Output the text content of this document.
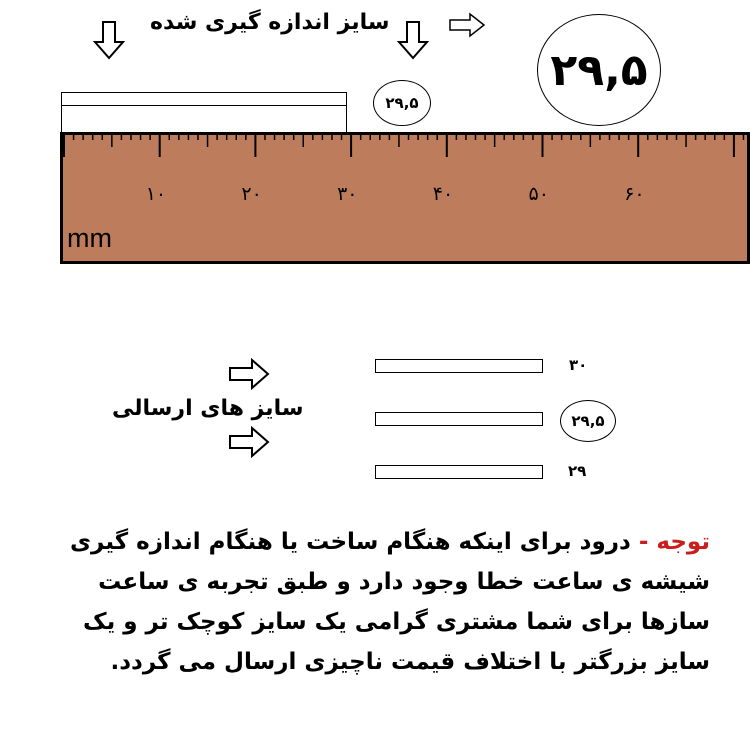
سایز اندازه گیری شده
۲۹,۵
۲۹,۵
mm
۱۰	۲۰	۳۰	۴۰	۵۰	۶۰
سایز های ارسالی
۳۰
۲۹,۵
۲۹
توجه - درود برای اینکه هنگام ساخت یا هنگام اندازه گیری شیشه ی ساعت خطا وجود دارد و طبق تجربه ی ساعت سازها برای شما مشتری گرامی یک سایز کوچک تر و یک سایز بزرگتر با اختلاف قیمت ناچیزی ارسال می گردد.
